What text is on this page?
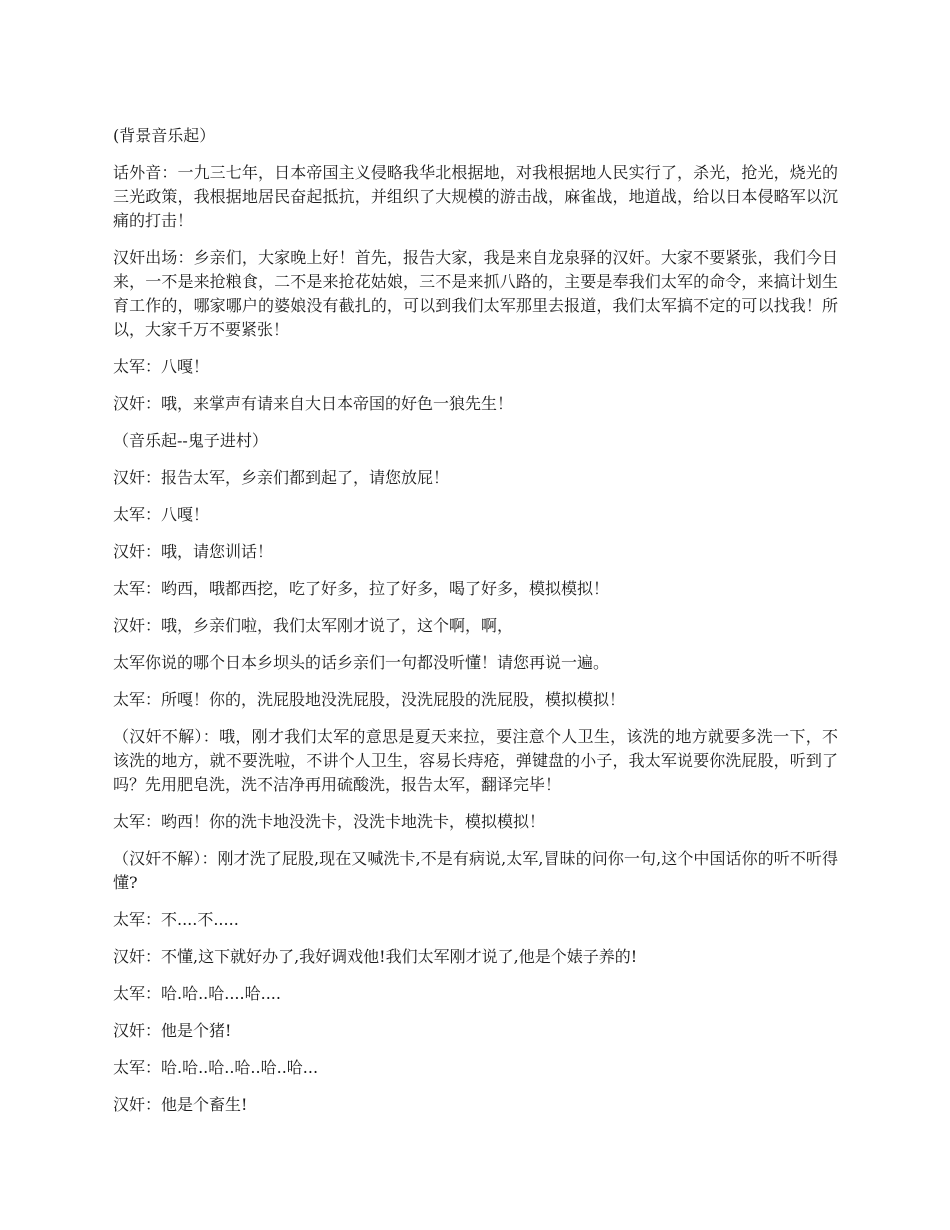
(背景音乐起）

话外音：一九三七年，日本帝国主义侵略我华北根据地，对我根据地人民实行了，杀光，抢光，烧光的三光政策，我根据地居民奋起抵抗，并组织了大规模的游击战，麻雀战，地道战，给以日本侵略军以沉痛的打击！

汉奸出场：乡亲们，大家晚上好！首先，报告大家，我是来自龙泉驿的汉奸。大家不要紧张，我们今日来，一不是来抢粮食，二不是来抢花姑娘，三不是来抓八路的，主要是奉我们太军的命令，来搞计划生育工作的，哪家哪户的婆娘没有截扎的，可以到我们太军那里去报道，我们太军搞不定的可以找我！所以，大家千万不要紧张！

太军：八嘎！

汉奸：哦，来掌声有请来自大日本帝国的好色一狼先生！

（音乐起--鬼子进村）

汉奸：报告太军，乡亲们都到起了，请您放屁！

太军：八嘎！

汉奸：哦，请您训话！

太军：哟西，哦都西挖，吃了好多，拉了好多，喝了好多，模拟模拟！

汉奸：哦，乡亲们啦，我们太军刚才说了，这个啊，啊，

太军你说的哪个日本乡坝头的话乡亲们一句都没听懂！请您再说一遍。

太军：所嘎！你的，洗屁股地没洗屁股，没洗屁股的洗屁股，模拟模拟！

（汉奸不解）：哦，刚才我们太军的意思是夏天来拉，要注意个人卫生，该洗的地方就要多洗一下，不该洗的地方，就不要洗啦，不讲个人卫生，容易长痔疮，弹键盘的小子，我太军说要你洗屁股，听到了吗？先用肥皂洗，洗不洁净再用硫酸洗，报告太军，翻译完毕！

太军：哟西！你的洗卡地没洗卡，没洗卡地洗卡，模拟模拟！

（汉奸不解）：刚才洗了屁股,现在又喊洗卡,不是有病说,太军,冒昧的问你一句,这个中国话你的听不听得懂?

太军：不....不.....

汉奸：不懂,这下就好办了,我好调戏他!我们太军刚才说了,他是个婊子养的!

太军：哈.哈..哈....哈....

汉奸：他是个猪!

太军：哈.哈..哈..哈..哈..哈...

汉奸：他是个畜生!
